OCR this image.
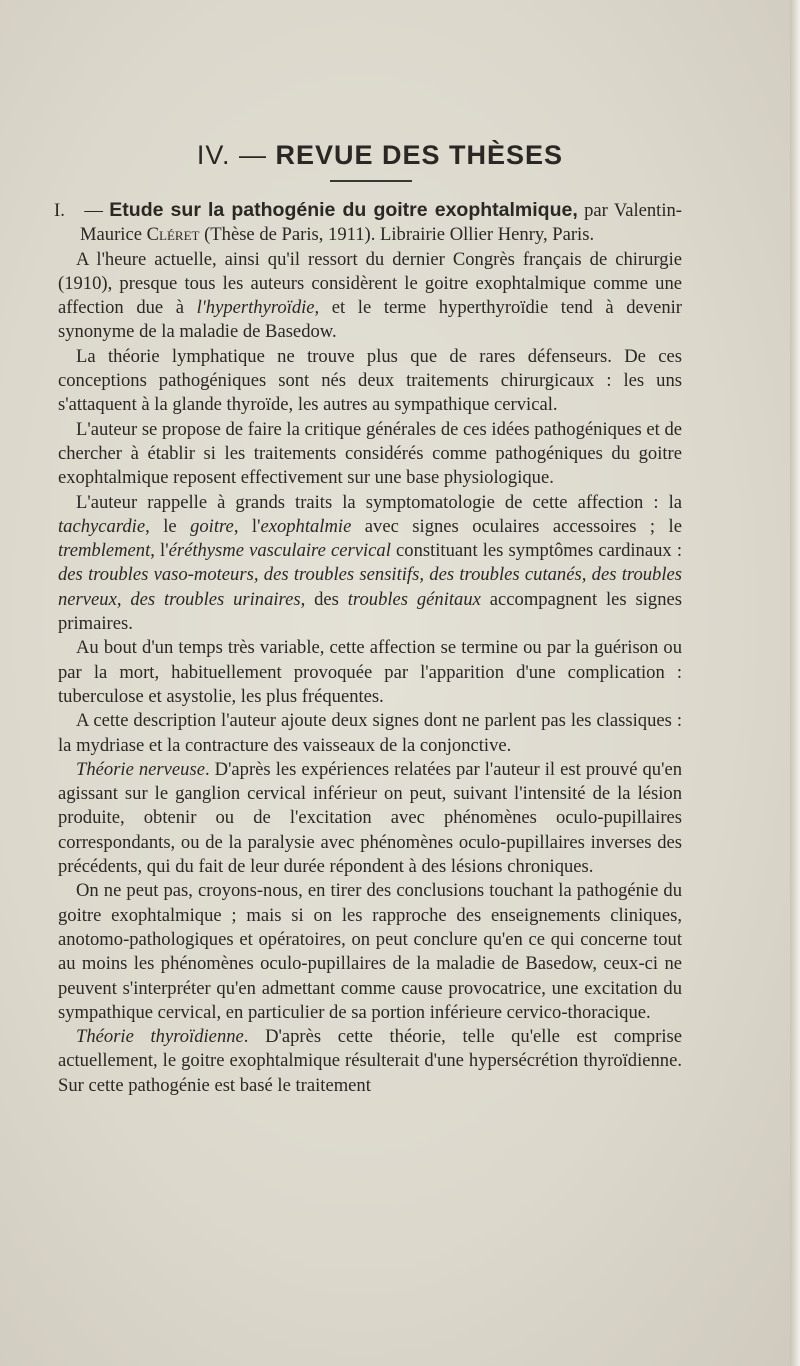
IV. — REVUE DES THÈSES

I. — Etude sur la pathogénie du goitre exophtalmique, par Valentin-Maurice Cléret (Thèse de Paris, 1911). Librairie Ollier Henry, Paris.

A l'heure actuelle, ainsi qu'il ressort du dernier Congrès français de chirurgie (1910), presque tous les auteurs considèrent le goitre exophtalmique comme une affection due à l'hyperthyroïdie, et le terme hyperthyroïdie tend à devenir synonyme de la maladie de Basedow.

La théorie lymphatique ne trouve plus que de rares défenseurs. De ces conceptions pathogéniques sont nés deux traitements chirurgicaux : les uns s'attaquent à la glande thyroïde, les autres au sympathique cervical.

L'auteur se propose de faire la critique générales de ces idées pathogéniques et de chercher à établir si les traitements considérés comme pathogéniques du goitre exophtalmique reposent effectivement sur une base physiologique.

L'auteur rappelle à grands traits la symptomatologie de cette affection : la tachycardie, le goitre, l'exophtalmie avec signes oculaires accessoires ; le tremblement, l'éréthysme vasculaire cervical constituant les symptômes cardinaux : des troubles vaso-moteurs, des troubles sensitifs, des troubles cutanés, des troubles nerveux, des troubles urinaires, des troubles génitaux accompagnent les signes primaires.

Au bout d'un temps très variable, cette affection se termine ou par la guérison ou par la mort, habituellement provoquée par l'apparition d'une complication : tuberculose et asystolie, les plus fréquentes.

A cette description l'auteur ajoute deux signes dont ne parlent pas les classiques : la mydriase et la contracture des vaisseaux de la conjonctive.

Théorie nerveuse. D'après les expériences relatées par l'auteur il est prouvé qu'en agissant sur le ganglion cervical inférieur on peut, suivant l'intensité de la lésion produite, obtenir ou de l'excitation avec phénomènes oculo-pupillaires correspondants, ou de la paralysie avec phénomènes oculo-pupillaires inverses des précédents, qui du fait de leur durée répondent à des lésions chroniques.

On ne peut pas, croyons-nous, en tirer des conclusions touchant la pathogénie du goitre exophtalmique ; mais si on les rapproche des enseignements cliniques, anotomo-pathologiques et opératoires, on peut conclure qu'en ce qui concerne tout au moins les phénomènes oculo-pupillaires de la maladie de Basedow, ceux-ci ne peuvent s'interpréter qu'en admettant comme cause provocatrice, une excitation du sympathique cervical, en particulier de sa portion inférieure cervico-thoracique.

Théorie thyroïdienne. D'après cette théorie, telle qu'elle est comprise actuellement, le goitre exophtalmique résulterait d'une hypersécrétion thyroïdienne. Sur cette pathogénie est basé le traitement
